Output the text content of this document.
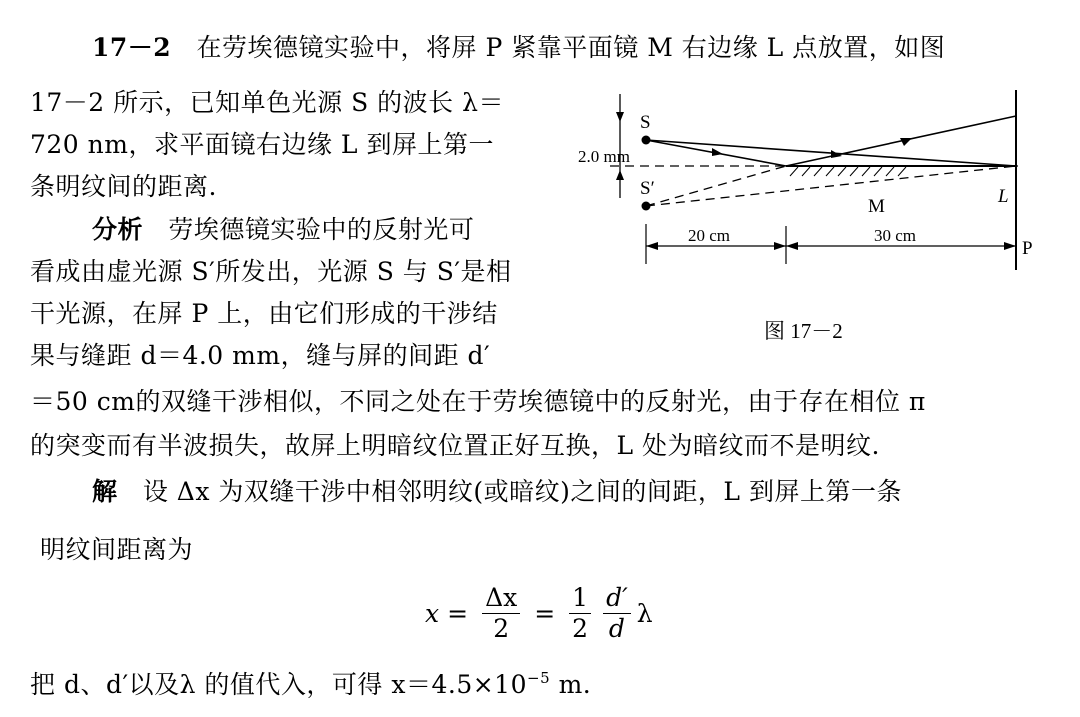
17－2 在劳埃德镜实验中，将屏 P 紧靠平面镜 M 右边缘 L 点放置，如图
17－2 所示，已知单色光源 S 的波长 λ＝
720 nm，求平面镜右边缘 L 到屏上第一
条明纹间的距离.
分析 劳埃德镜实验中的反射光可
看成由虚光源 S′所发出，光源 S 与 S′是相
干光源，在屏 P 上，由它们形成的干涉结
果与缝距 d＝4.0 mm，缝与屏的间距 d′
＝50 cm的双缝干涉相似，不同之处在于劳埃德镜中的反射光，由于存在相位 π
的突变而有半波损失，故屏上明暗纹位置正好互换，L 处为暗纹而不是明纹.
解 设 Δx 为双缝干涉中相邻明纹(或暗纹)之间的间距，L 到屏上第一条
明纹间距离为
$x = \frac{\Delta x}{2} = \frac{1}{2} \frac{d'}{d}$ λ
把 d、d′以及λ 的值代入，可得 $x=4.5\times 10^{-5}$ m.
S
S′
2.0 mm
M	L
P
20 cm	30 cm
图 17－2
